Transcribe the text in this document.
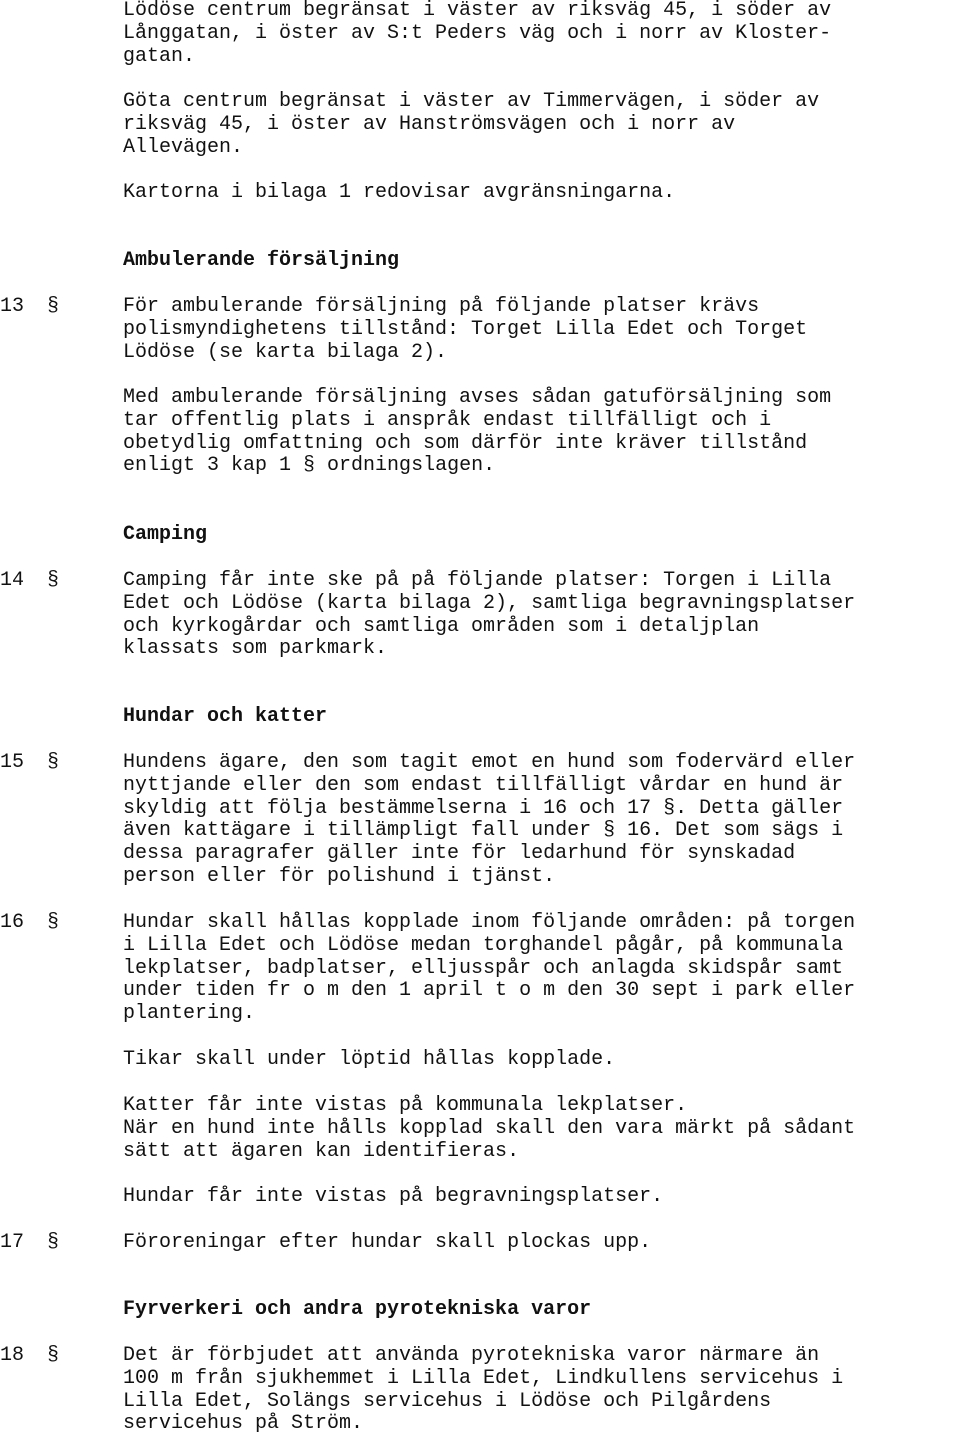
Lödöse centrum begränsat i väster av riksväg 45, i söder av
Långgatan, i öster av S:t Peders väg och i norr av Kloster-
gatan.
Göta centrum begränsat i väster av Timmervägen, i söder av
riksväg 45, i öster av Hanströmsvägen och i norr av
Allevägen.
Kartorna i bilaga 1 redovisar avgränsningarna.
Ambulerande försäljning
13 §	För ambulerande försäljning på följande platser krävs
polismyndighetens tillstånd: Torget Lilla Edet och Torget
Lödöse (se karta bilaga 2).
Med ambulerande försäljning avses sådan gatuförsäljning som
tar offentlig plats i anspråk endast tillfälligt och i
obetydlig omfattning och som därför inte kräver tillstånd
enligt 3 kap 1 § ordningslagen.
Camping
14 §	Camping får inte ske på på följande platser: Torgen i Lilla
Edet och Lödöse (karta bilaga 2), samtliga begravningsplatser
och kyrkogårdar och samtliga områden som i detaljplan
klassats som parkmark.
Hundar och katter
15 §	Hundens ägare, den som tagit emot en hund som fodervärd eller
nyttjande eller den som endast tillfälligt vårdar en hund är
skyldig att följa bestämmelserna i 16 och 17 §. Detta gäller
även kattägare i tillämpligt fall under § 16. Det som sägs i
dessa paragrafer gäller inte för ledarhund för synskadad
person eller för polishund i tjänst.
16 §	Hundar skall hållas kopplade inom följande områden: på torgen
i Lilla Edet och Lödöse medan torghandel pågår, på kommunala
lekplatser, badplatser, elljusspår och anlagda skidspår samt
under tiden fr o m den 1 april t o m den 30 sept i park eller
plantering.
Tikar skall under löptid hållas kopplade.
Katter får inte vistas på kommunala lekplatser.
När en hund inte hålls kopplad skall den vara märkt på sådant
sätt att ägaren kan identifieras.
Hundar får inte vistas på begravningsplatser.
17 §	Föroreningar efter hundar skall plockas upp.
Fyrverkeri och andra pyrotekniska varor
18 §	Det är förbjudet att använda pyrotekniska varor närmare än
100 m från sjukhemmet i Lilla Edet, Lindkullens servicehus i
Lilla Edet, Solängs servicehus i Lödöse och Pilgårdens
servicehus på Ström.
